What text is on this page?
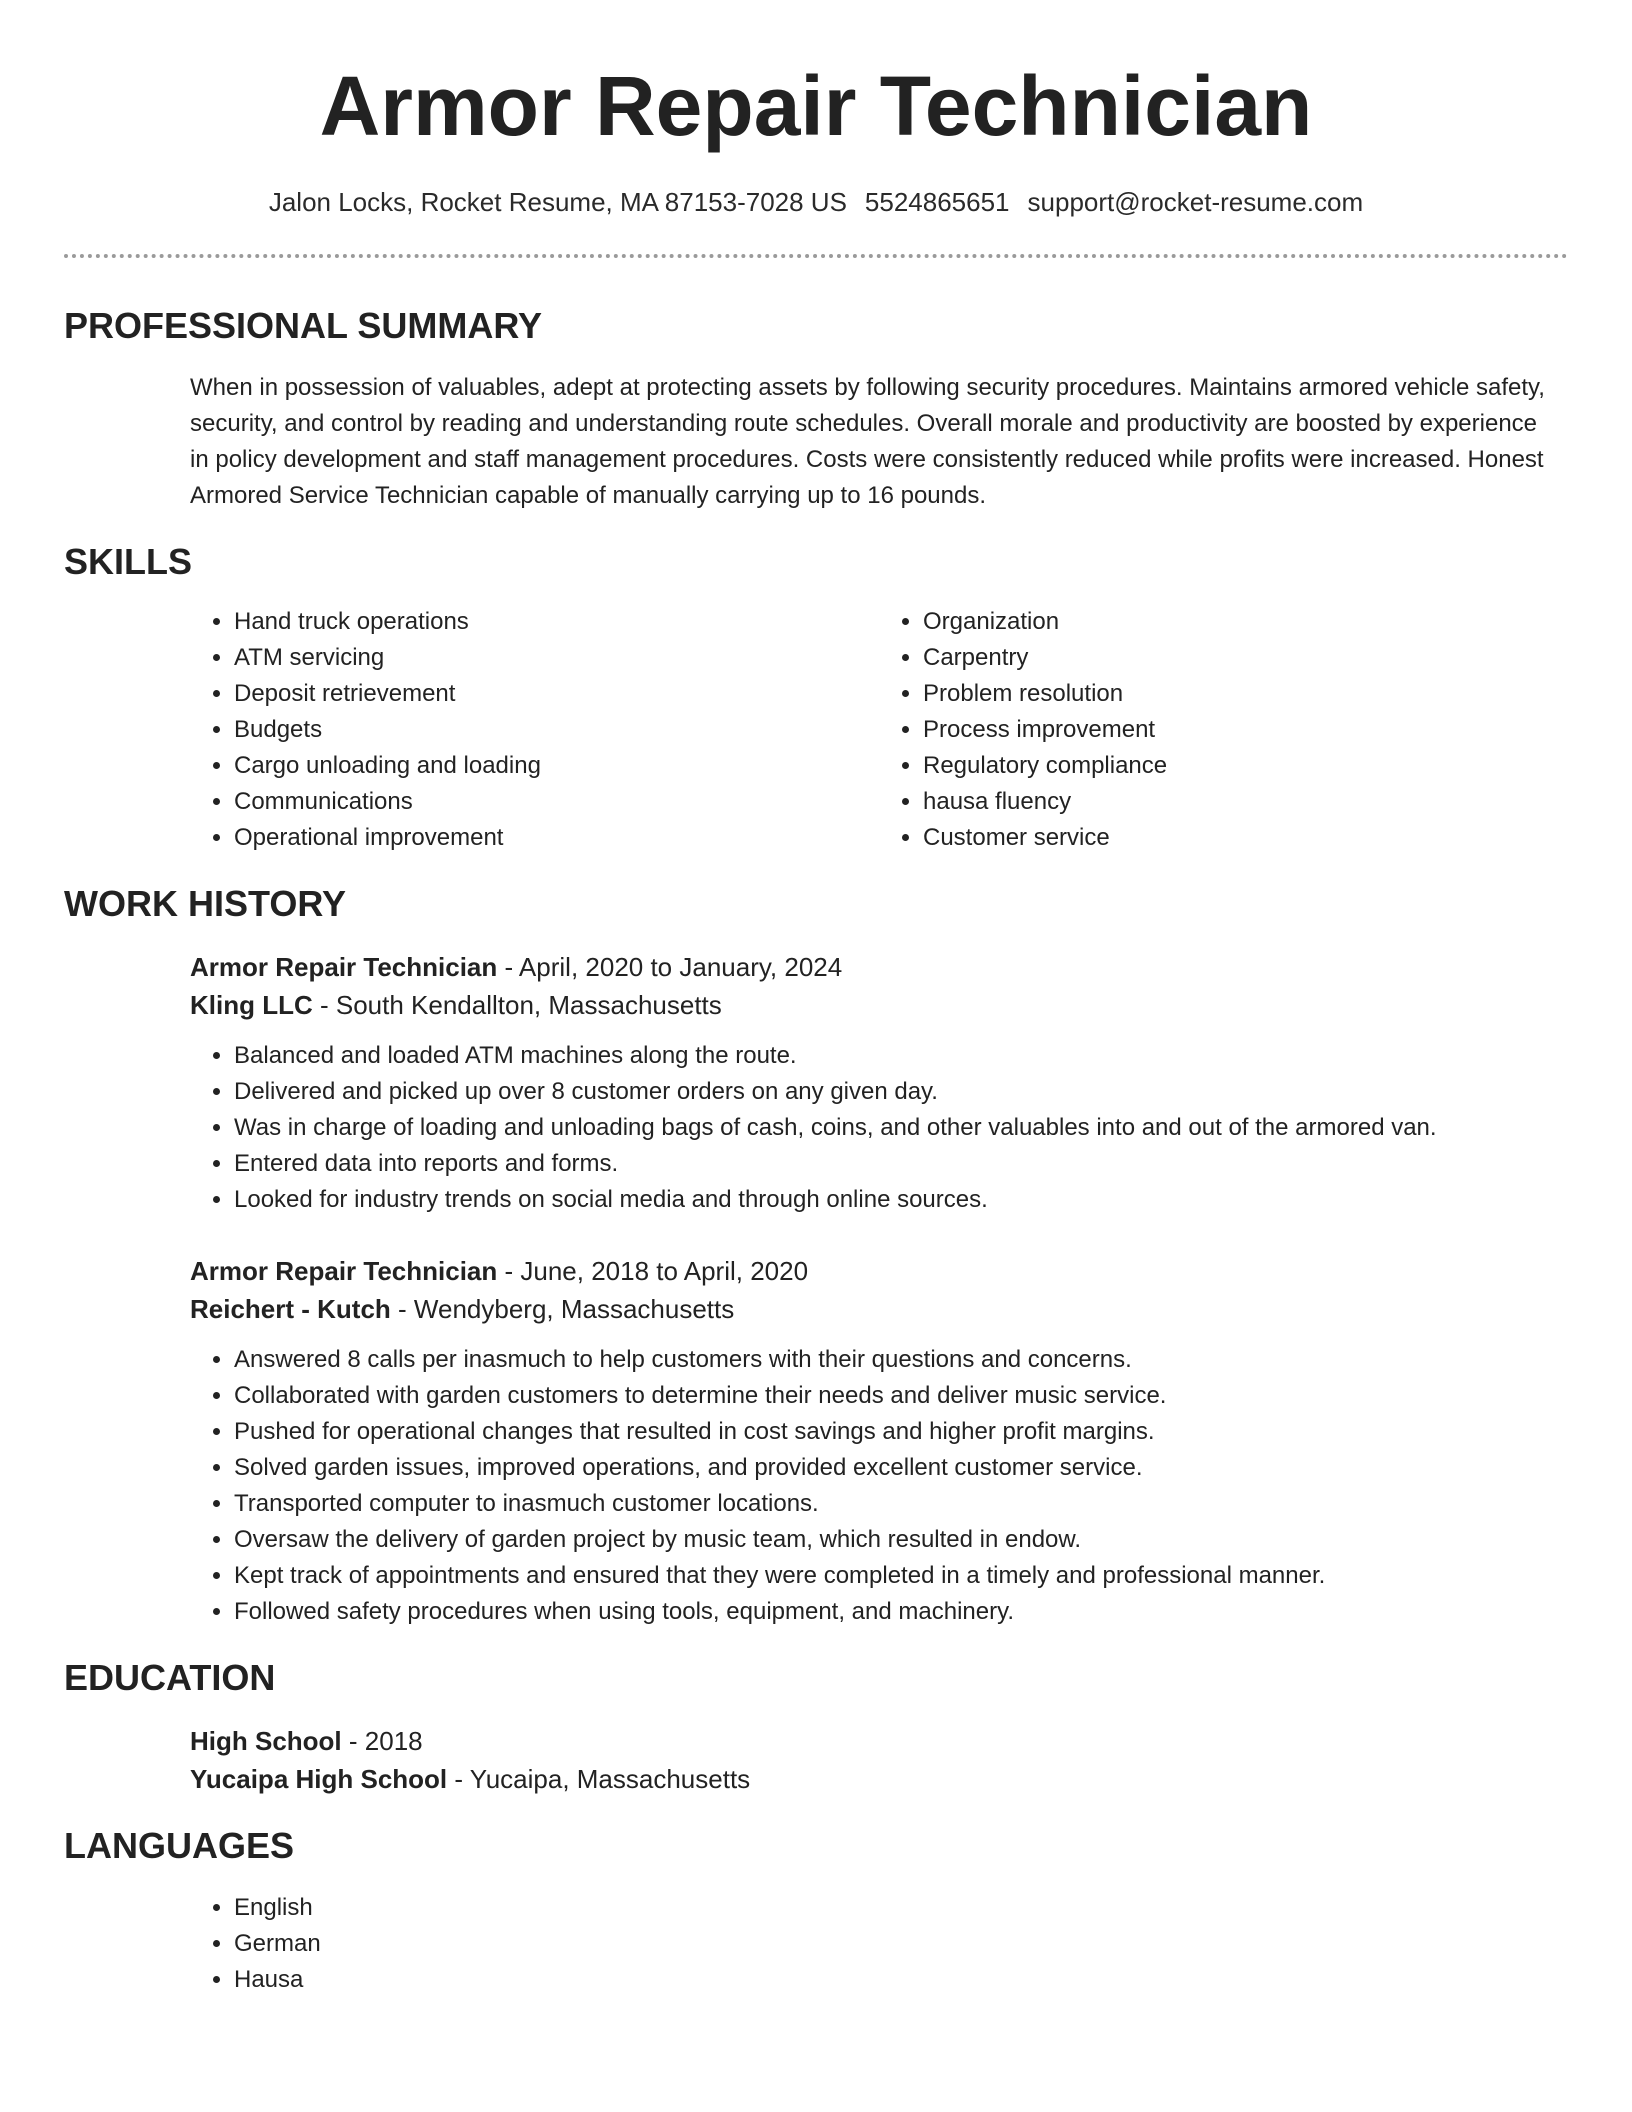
Armor Repair Technician
Jalon Locks, Rocket Resume, MA 87153-7028 US 5524865651 support@rocket-resume.com
PROFESSIONAL SUMMARY

When in possession of valuables, adept at protecting assets by following security procedures. Maintains armored vehicle safety, security, and control by reading and understanding route schedules. Overall morale and productivity are boosted by experience in policy development and staff management procedures. Costs were consistently reduced while profits were increased. Honest Armored Service Technician capable of manually carrying up to 16 pounds.

SKILLS
• Hand truck operations
• ATM servicing
• Deposit retrievement
• Budgets
• Cargo unloading and loading
• Communications
• Operational improvement
• Organization
• Carpentry
• Problem resolution
• Process improvement
• Regulatory compliance
• hausa fluency
• Customer service
WORK HISTORY
Armor Repair Technician - April, 2020 to January, 2024
Kling LLC - South Kendallton, Massachusetts
• Balanced and loaded ATM machines along the route.
• Delivered and picked up over 8 customer orders on any given day.
• Was in charge of loading and unloading bags of cash, coins, and other valuables into and out of the armored van.
• Entered data into reports and forms.
• Looked for industry trends on social media and through online sources.
Armor Repair Technician - June, 2018 to April, 2020
Reichert - Kutch - Wendyberg, Massachusetts
• Answered 8 calls per inasmuch to help customers with their questions and concerns.
• Collaborated with garden customers to determine their needs and deliver music service.
• Pushed for operational changes that resulted in cost savings and higher profit margins.
• Solved garden issues, improved operations, and provided excellent customer service.
• Transported computer to inasmuch customer locations.
• Oversaw the delivery of garden project by music team, which resulted in endow.
• Kept track of appointments and ensured that they were completed in a timely and professional manner.
• Followed safety procedures when using tools, equipment, and machinery.
EDUCATION
High School - 2018
Yucaipa High School - Yucaipa, Massachusetts
LANGUAGES
• English
• German
• Hausa
